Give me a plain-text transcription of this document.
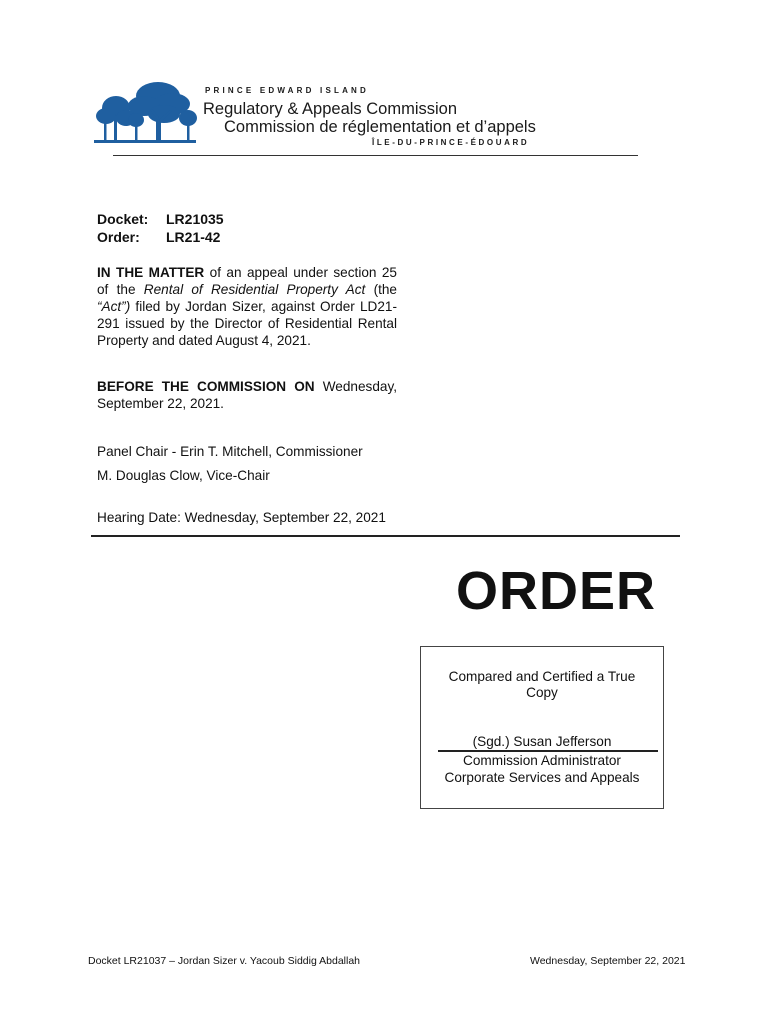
PRINCE EDWARD ISLAND
Regulatory & Appeals Commission
Commission de réglementation et d’appels
ÎLE-DU-PRINCE-ÉDOUARD
Docket: LR21035
Order: LR21-42
IN THE MATTER of an appeal under section 25 of the Rental of Residential Property Act (the “Act”) filed by Jordan Sizer, against Order LD21-291 issued by the Director of Residential Rental Property and dated August 4, 2021.
BEFORE THE COMMISSION ON Wednesday, September 22, 2021.
Panel Chair - Erin T. Mitchell, Commissioner
M. Douglas Clow, Vice-Chair
Hearing Date: Wednesday, September 22, 2021
ORDER
Compared and Certified a True
Copy
(Sgd.) Susan Jefferson
Commission Administrator
Corporate Services and Appeals
Docket LR21037 – Jordan Sizer v. Yacoub Siddig Abdallah	Wednesday, September 22, 2021
